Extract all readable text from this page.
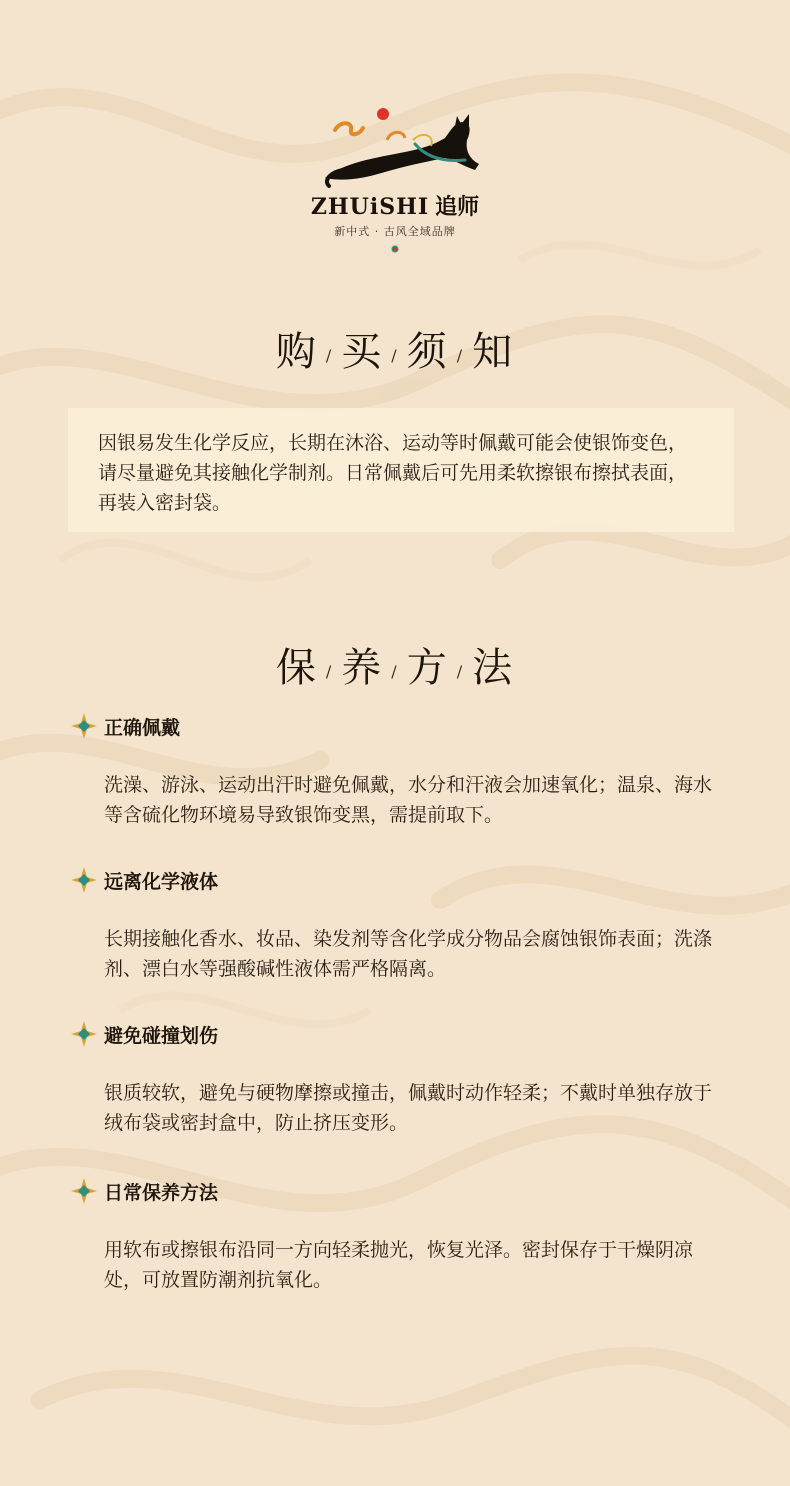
ZHUiSHI 追师
新中式 · 古风全域品牌
购 / 买 / 须 / 知

因银易发生化学反应，长期在沐浴、运动等时佩戴可能会使银饰变色，请尽量避免其接触化学制剂。日常佩戴后可先用柔软擦银布擦拭表面，再装入密封袋。

保 / 养 / 方 / 法
正确佩戴
洗澡、游泳、运动出汗时避免佩戴，水分和汗液会加速氧化；温泉、海水等含硫化物环境易导致银饰变黑，需提前取下。
远离化学液体
长期接触化香水、妆品、染发剂等含化学成分物品会腐蚀银饰表面；洗涤剂、漂白水等强酸碱性液体需严格隔离。
避免碰撞划伤
银质较软，避免与硬物摩擦或撞击，佩戴时动作轻柔；不戴时单独存放于绒布袋或密封盒中，防止挤压变形。
日常保养方法
用软布或擦银布沿同一方向轻柔抛光，恢复光泽。密封保存于干燥阴凉处，可放置防潮剂抗氧化。
